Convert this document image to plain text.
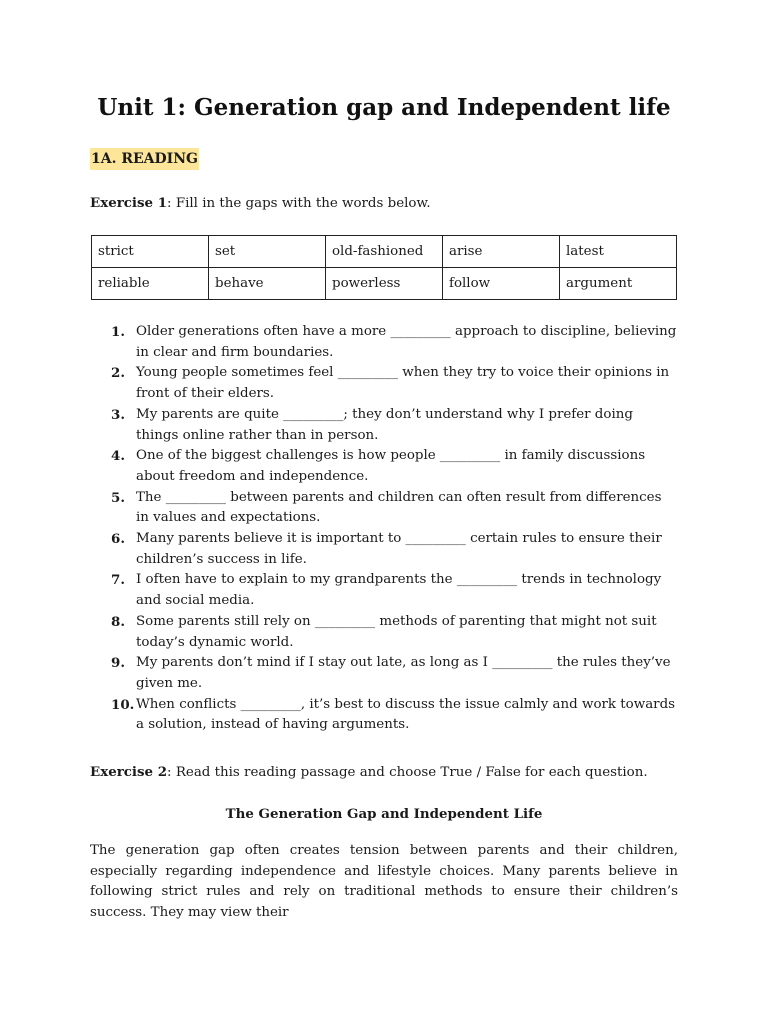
Unit 1: Generation gap and Independent life
1A. READING
Exercise 1: Fill in the gaps with the words below.
strict	set	old-fashioned	arise	latest
reliable	behave	powerless	follow	argument
1. Older generations often have a more _________ approach to discipline, believing in clear and firm boundaries.
2. Young people sometimes feel _________ when they try to voice their opinions in front of their elders.
3. My parents are quite _________; they don’t understand why I prefer doing things online rather than in person.
4. One of the biggest challenges is how people _________ in family discussions about freedom and independence.
5. The _________ between parents and children can often result from differences in values and expectations.
6. Many parents believe it is important to _________ certain rules to ensure their children’s success in life.
7. I often have to explain to my grandparents the _________ trends in technology and social media.
8. Some parents still rely on _________ methods of parenting that might not suit today’s dynamic world.
9. My parents don’t mind if I stay out late, as long as I _________ the rules they’ve given me.
10. When conflicts _________, it’s best to discuss the issue calmly and work towards a solution, instead of having arguments.
Exercise 2: Read this reading passage and choose True / False for each question.
The Generation Gap and Independent Life

The generation gap often creates tension between parents and their children, especially regarding independence and lifestyle choices. Many parents believe in following strict rules and rely on traditional methods to ensure their children’s success. They may view their
